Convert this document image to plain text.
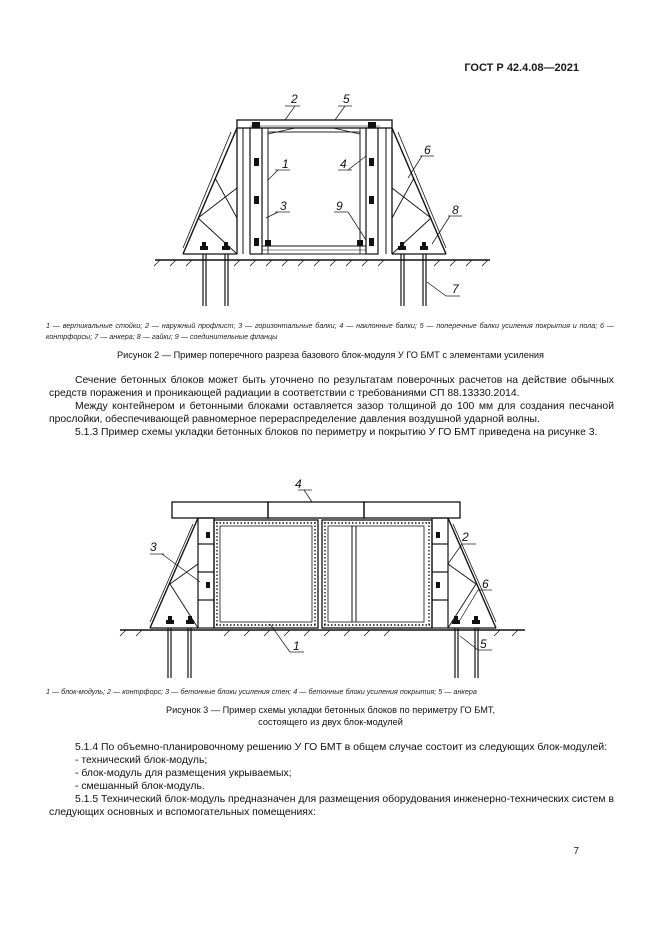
ГОСТ Р 42.4.08—2021
2	5
1
3
4
9
6
8
7
1 — вертикальные стойки; 2 — наружный профлист; 3 — горизонтальные балки; 4 — наклонные балки; 5 — поперечные балки усиления покрытия и пола; 6 — контрфорсы; 7 — анкера; 8 — гайки; 9 — соединительные фланцы
Рисунок 2 — Пример поперечного разреза базового блок-модуля У ГО БМТ с элементами усиления

Сечение бетонных блоков может быть уточнено по результатам поверочных расчетов на действие обычных средств поражения и проникающей радиации в соответствии с требованиями СП 88.13330.2014.

Между контейнером и бетонными блоками оставляется зазор толщиной до 100 мм для создания песчаной прослойки, обеспечивающей равномерное перераспределение давления воздушной ударной волны.

5.1.3 Пример схемы укладки бетонных блоков по периметру и покрытию У ГО БМТ приведена на рисунке 3.

4
3
2
6
1	5
1 — блок-модуль; 2 — контрфорс; 3 — бетонные блоки усиления стен; 4 — бетонные блоки усиления покрытия; 5 — анкера
Рисунок 3 — Пример схемы укладки бетонных блоков по периметру ГО БМТ,
состоящего из двух блок-модулей

5.1.4 По объемно-планировочному решению У ГО БМТ в общем случае состоит из следующих блок-модулей:

- технический блок-модуль;

- блок-модуль для размещения укрываемых;

- смешанный блок-модуль.

5.1.5 Технический блок-модуль предназначен для размещения оборудования инженерно-технических систем в следующих основных и вспомогательных помещениях:

7
